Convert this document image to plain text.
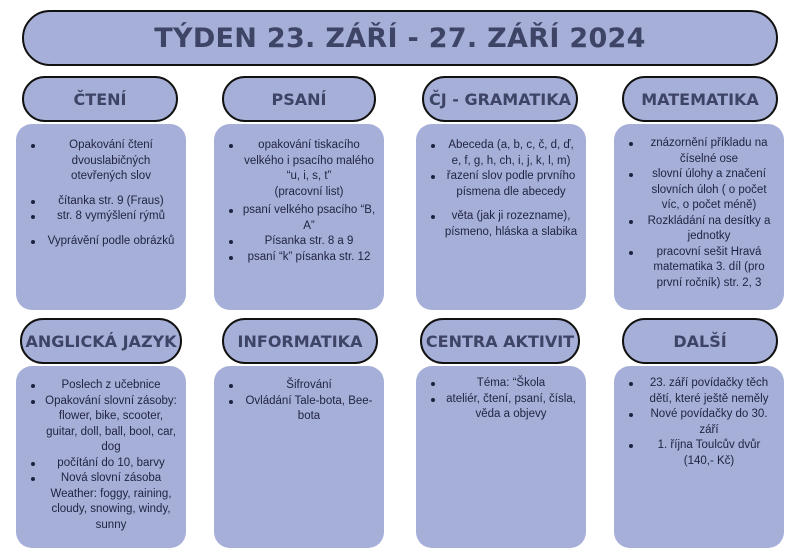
TÝDEN 23. ZÁŘÍ - 27. ZÁŘÍ 2024
Opakování čtení dvouslabičných otevřených slov
čítanka str. 9 (Fraus)
str. 8 vymýšlení rýmů
Vyprávění podle obrázků
ČTENÍ
opakování tiskacího velkého i psacího malého “u, i, s, t”
(pracovní list)
psaní velkého psacího “B, A”
Písanka str. 8 a 9
psaní “k” písanka str. 12
PSANÍ
Abeceda (a, b, c, č, d, ď, e, f, g, h, ch, i, j, k, l, m)
řazení slov podle prvního písmena dle abecedy
věta (jak ji rozezname), písmeno, hláska a slabika
ČJ - GRAMATIKA
znázornění příkladu na číselné ose
slovní úlohy a značení slovních úloh ( o počet víc, o počet méně)
Rozkládání na desítky a jednotky
pracovní sešit Hravá matematika 3. díl (pro první ročník) str. 2, 3
MATEMATIKA
Poslech z učebnice
Opakování slovní zásoby: flower, bike, scooter, guitar, doll, ball, bool, car, dog
počítání do 10, barvy
Nová slovní zásoba Weather: foggy, raining, cloudy, snowing, windy, sunny
ANGLICKÁ JAZYK
Šifrování
Ovládání Tale-bota, Bee-bota
INFORMATIKA
Téma: “Škola
ateliér, čtení, psaní, čísla, věda a objevy
CENTRA AKTIVIT
23. září povídačky těch dětí, které ještě neměly
Nové povídačky do 30. září
1. října Toulcův dvůr (140,- Kč)
DALŠÍ
